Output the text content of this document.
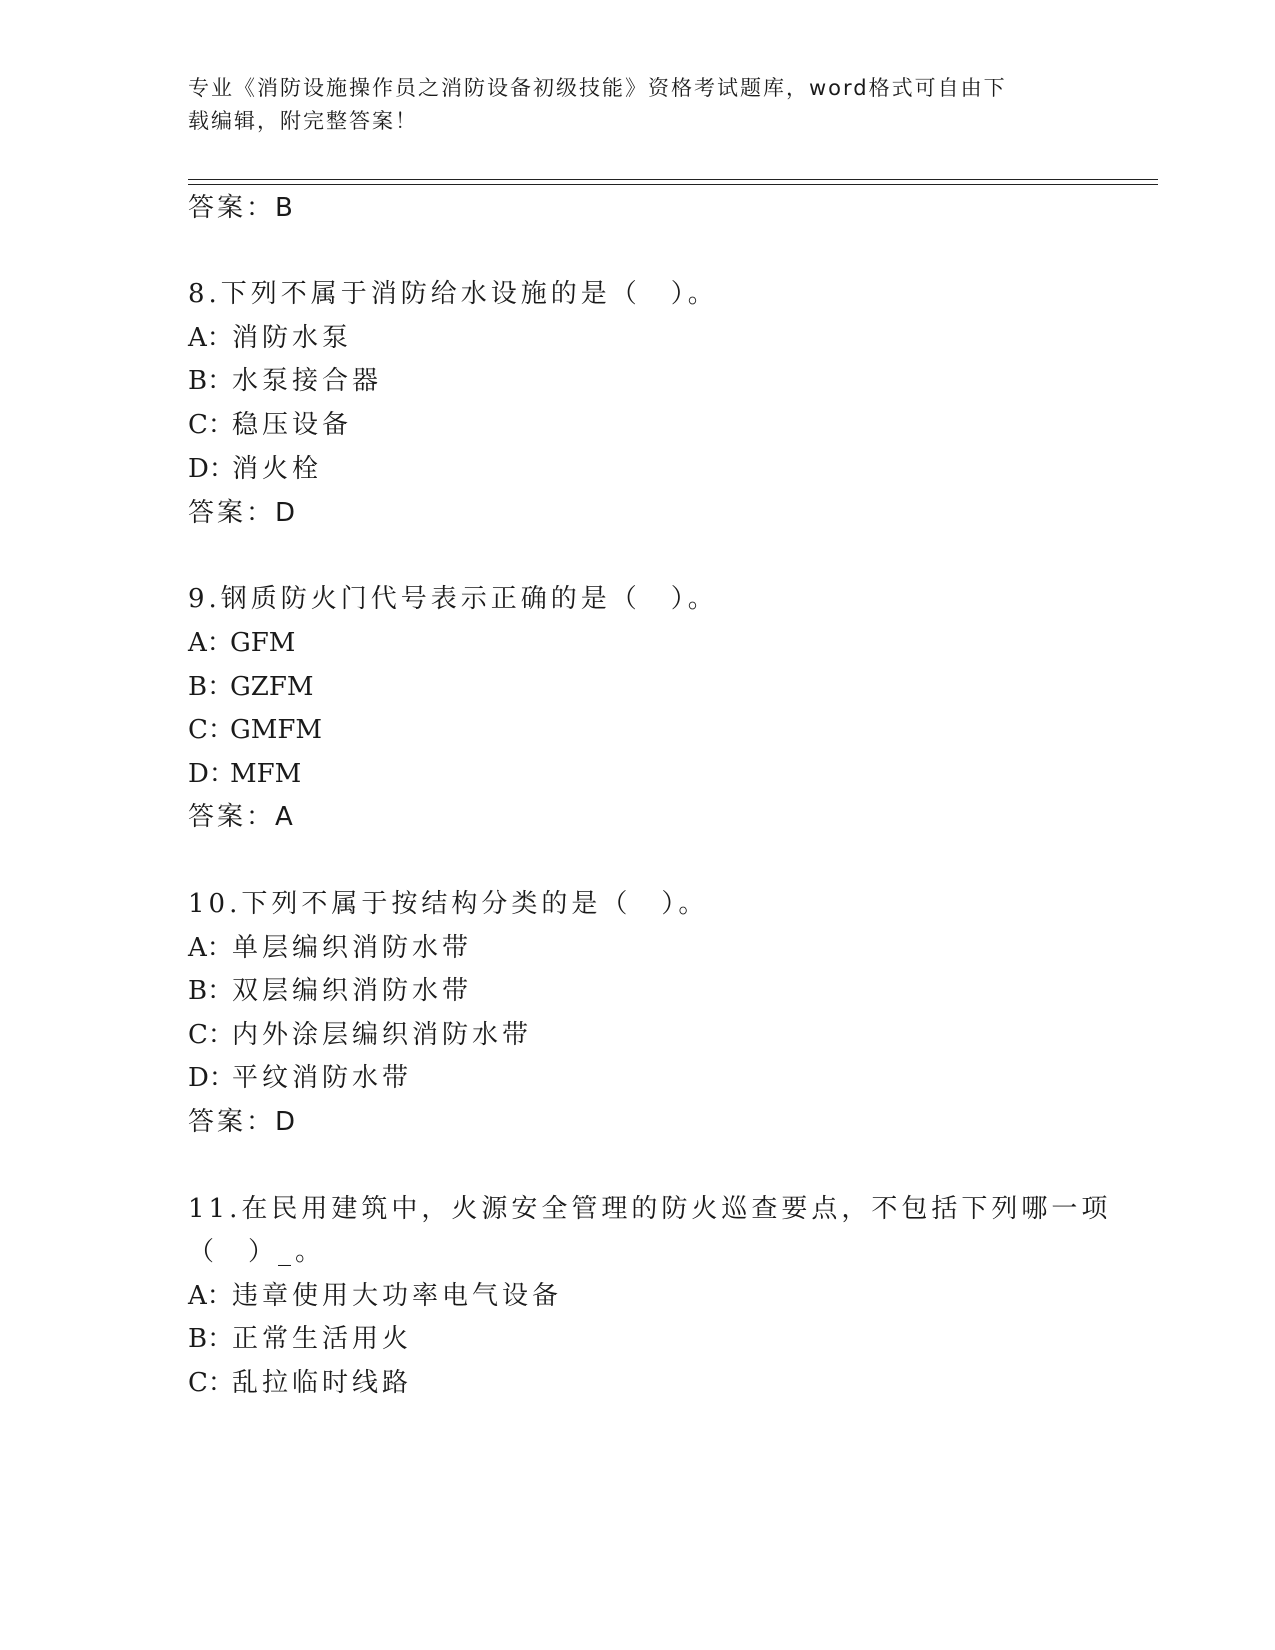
专业《消防设施操作员之消防设备初级技能》资格考试题库，word格式可自由下
载编辑，附完整答案！
答案：B
8.下列不属于消防给水设施的是（　）。
A：消防水泵
B：水泵接合器
C：稳压设备
D：消火栓
答案：D
9.钢质防火门代号表示正确的是（　）。
A：GFM
B：GZFM
C：GMFM
D：MFM
答案：A
10.下列不属于按结构分类的是（　）。
A：单层编织消防水带
B：双层编织消防水带
C：内外涂层编织消防水带
D：平纹消防水带
答案：D
11.在民用建筑中，火源安全管理的防火巡查要点，不包括下列哪一项
（　）_。
A：违章使用大功率电气设备
B：正常生活用火
C：乱拉临时线路
